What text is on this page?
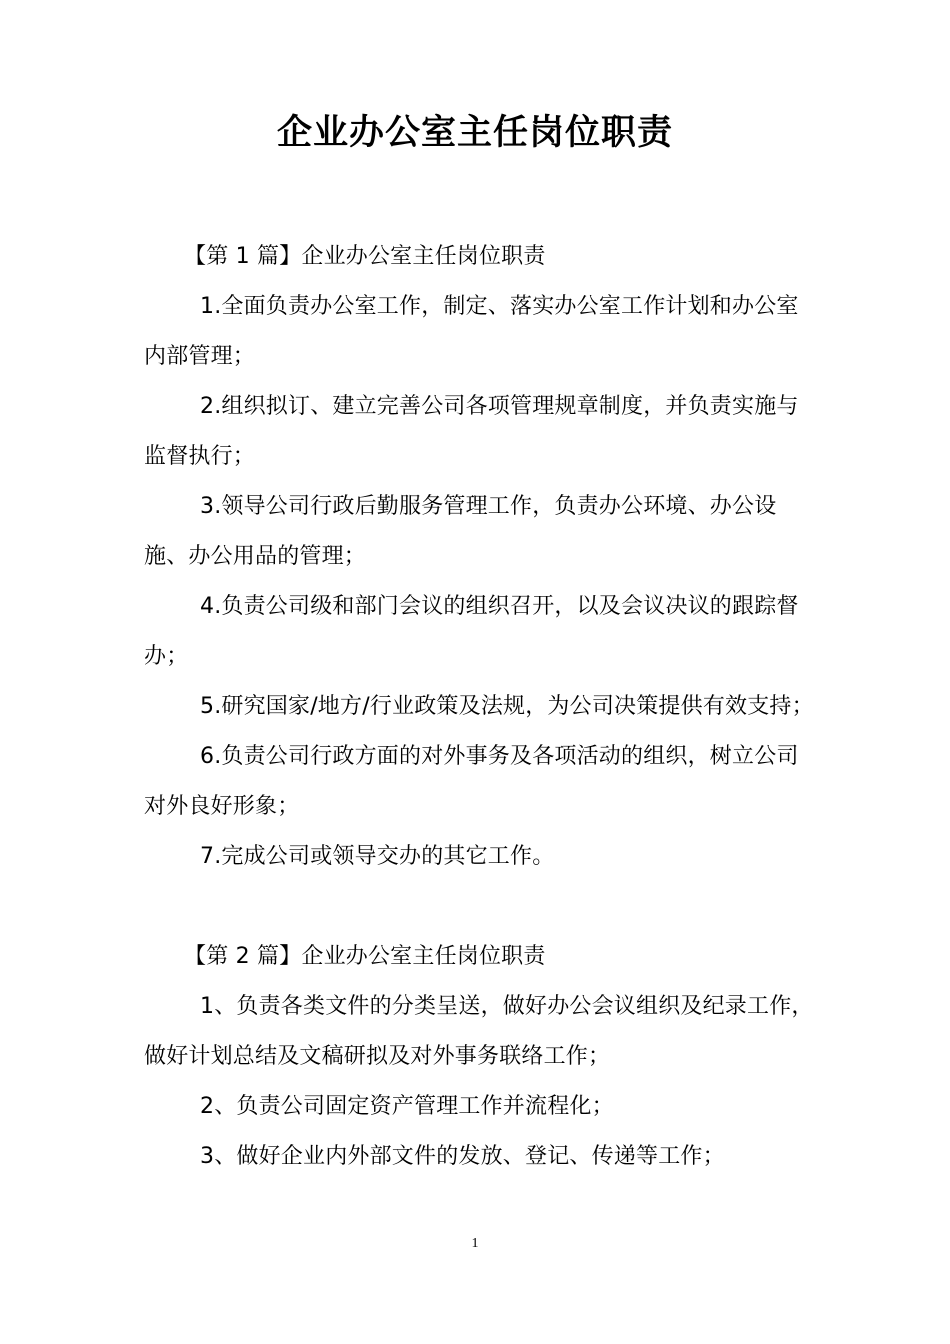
企业办公室主任岗位职责

【第 1 篇】企业办公室主任岗位职责

1.全面负责办公室工作，制定、落实办公室工作计划和办公室内部管理；

2.组织拟订、建立完善公司各项管理规章制度，并负责实施与监督执行；

3.领导公司行政后勤服务管理工作，负责办公环境、办公设施、办公用品的管理；

4.负责公司级和部门会议的组织召开，以及会议决议的跟踪督办；

5.研究国家/地方/行业政策及法规，为公司决策提供有效支持；

6.负责公司行政方面的对外事务及各项活动的组织，树立公司对外良好形象；

7.完成公司或领导交办的其它工作。

【第 2 篇】企业办公室主任岗位职责

1、负责各类文件的分类呈送，做好办公会议组织及纪录工作，做好计划总结及文稿研拟及对外事务联络工作；

2、负责公司固定资产管理工作并流程化；

3、做好企业内外部文件的发放、登记、传递等工作；

1
